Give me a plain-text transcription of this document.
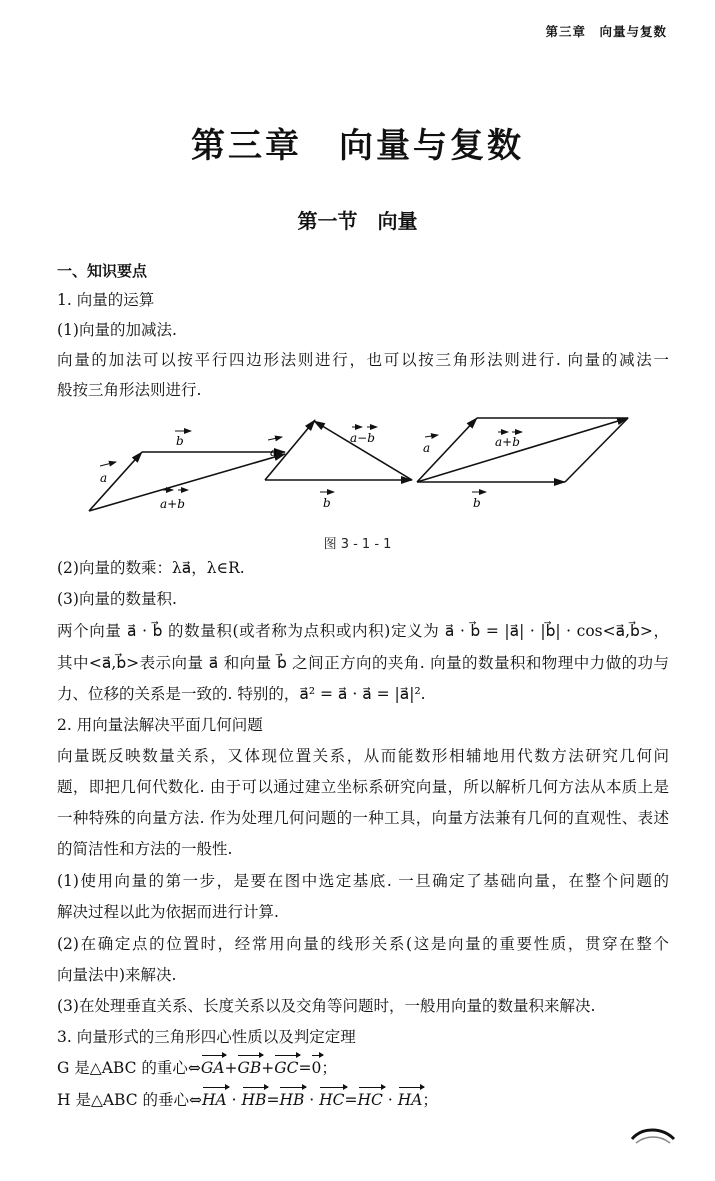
第三章　向量与复数
第三章　向量与复数
第一节　向量
一、知识要点
1. 向量的运算
(1)向量的加减法.
向量的加法可以按平行四边形法则进行，也可以按三角形法则进行. 向量的减法一
般按三角形法则进行.
a
b
a+b
a
b
a−b
a	a+b
b
图 3 - 1 - 1
(2)向量的数乘：λa⃗，λ∈R.
(3)向量的数量积.
两个向量 a⃗ · b⃗ 的数量积(或者称为点积或内积)定义为 a⃗ · b⃗ = |a⃗| · |b⃗| · cos<a⃗,b⃗>，
其中<a⃗,b⃗>表示向量 a⃗ 和向量 b⃗ 之间正方向的夹角. 向量的数量积和物理中力做的功与
力、位移的关系是一致的. 特别的，a⃗² = a⃗ · a⃗ = |a⃗|².
2. 用向量法解决平面几何问题
向量既反映数量关系，又体现位置关系，从而能数形相辅地用代数方法研究几何问
题，即把几何代数化. 由于可以通过建立坐标系研究向量，所以解析几何方法从本质上是
一种特殊的向量方法. 作为处理几何问题的一种工具，向量方法兼有几何的直观性、表述
的简洁性和方法的一般性.
(1)使用向量的第一步，是要在图中选定基底. 一旦确定了基础向量，在整个问题的
解决过程以此为依据而进行计算.
(2)在确定点的位置时，经常用向量的线形关系(这是向量的重要性质，贯穿在整个
向量法中)来解决.
(3)在处理垂直关系、长度关系以及交角等问题时，一般用向量的数量积来解决.
3. 向量形式的三角形四心性质以及判定定理
G 是△ABC 的重心⇔GA+GB+GC=0；
H 是△ABC 的垂心⇔HA · HB=HB · HC=HC · HA；
